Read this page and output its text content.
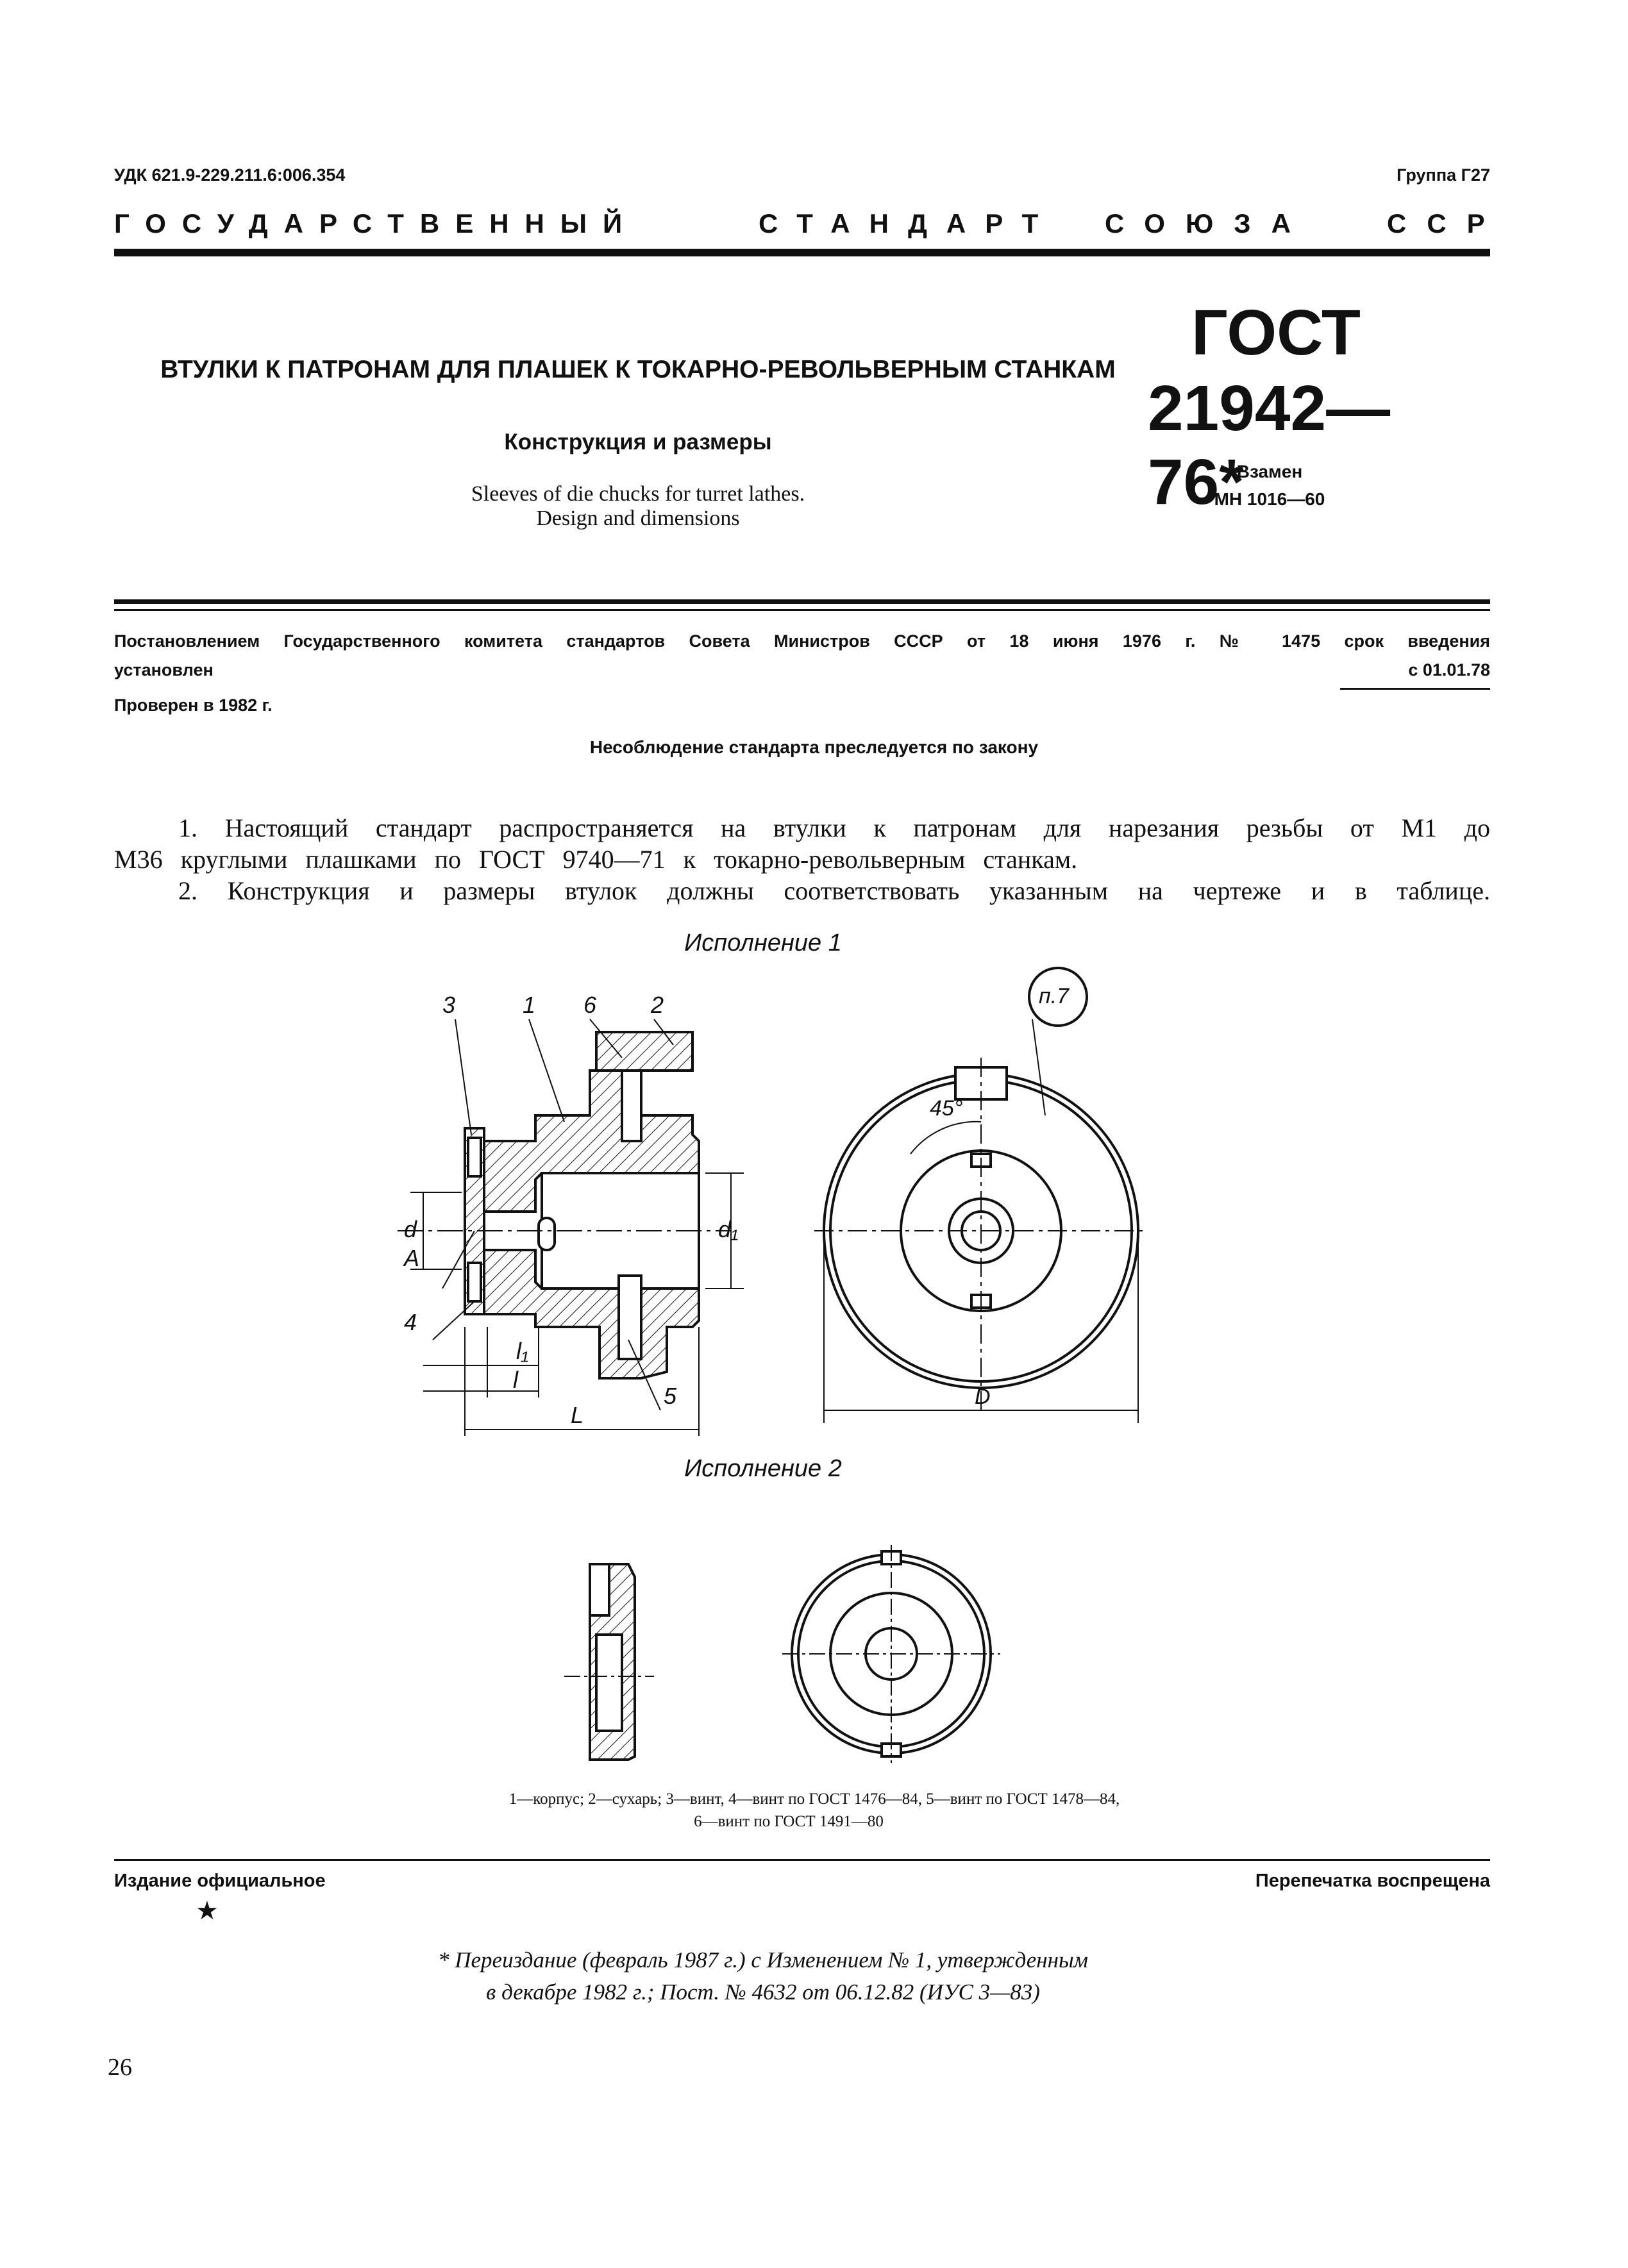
УДК 621.9-229.211.6:006.354	Группа Г27
ГОСУДАРСТВЕННЫЙ	СТАНДАРТ СОЮЗА	ССР
ВТУЛКИ К ПАТРОНАМ ДЛЯ ПЛАШЕК К ТОКАРНО-РЕВОЛЬВЕРНЫМ СТАНКАМ
Конструкция и размеры
Sleeves of die chucks for turret lathes.
Design and dimensions
ГОСТ
21942—76*
Взамен
МН 1016—60
Постановлением Государственного комитета стандартов Совета Министров СССР от 18 июня 1976 г. № 1475 срок введения
установлен	с 01.01.78
Проверен в 1982 г.
Несоблюдение стандарта преследуется по закону
1. Настоящий стандарт распространяется на втулки к патронам для нарезания резьбы от M1 до
M36 круглыми плашками по ГОСТ 9740—71 к токарно-револьверным станкам.
2. Конструкция и размеры втулок должны соответствовать указанным на чертеже и в таблице.
Исполнение 1
Исполнение 2
3	1 6 2
d	d₁
A
4
l₁
l
5
L
45°
п.7
D
1—корпус; 2—сухарь; 3—винт, 4—винт по ГОСТ 1476—84, 5—винт по ГОСТ 1478—84,
6—винт по ГОСТ 1491—80
Издание официальное
★
Перепечатка воспрещена
* Переиздание (февраль 1987 г.) с Изменением № 1, утвержденным
в декабре 1982 г.; Пост. № 4632 от 06.12.82 (ИУС 3—83)
26
